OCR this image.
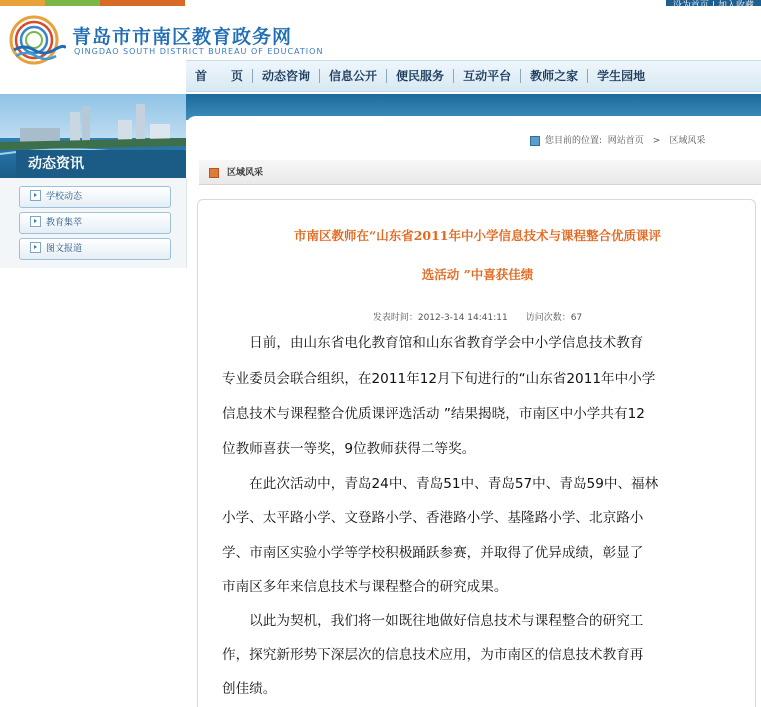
青岛市市南区教育政务网
QINGDAO SOUTH DISTRICT BUREAU OF EDUCATION
首　　页	动态咨询	信息公开	便民服务	互动平台	教师之家	学生园地
您目前的位置: 网站首页　>　区域风采
动态资讯
学校动态
教育集萃
图文报道
区域风采
市南区教师在“山东省2011年中小学信息技术与课程整合优质课评
选活动 ”中喜获佳绩
发表时间：2012-3-14 14:41:11　　访问次数：67

　　日前，由山东省电化教育馆和山东省教育学会中小学信息技术教育

专业委员会联合组织，在2011年12月下旬进行的“山东省2011年中小学

信息技术与课程整合优质课评选活动 ”结果揭晓，市南区中小学共有12

位教师喜获一等奖，9位教师获得二等奖。

　　在此次活动中，青岛24中、青岛51中、青岛57中、青岛59中、福林

小学、太平路小学、文登路小学、香港路小学、基隆路小学、北京路小

学、市南区实验小学等学校积极踊跃参赛，并取得了优异成绩，彰显了

市南区多年来信息技术与课程整合的研究成果。

　　以此为契机，我们将一如既往地做好信息技术与课程整合的研究工

作，探究新形势下深层次的信息技术应用，为市南区的信息技术教育再

创佳绩。
